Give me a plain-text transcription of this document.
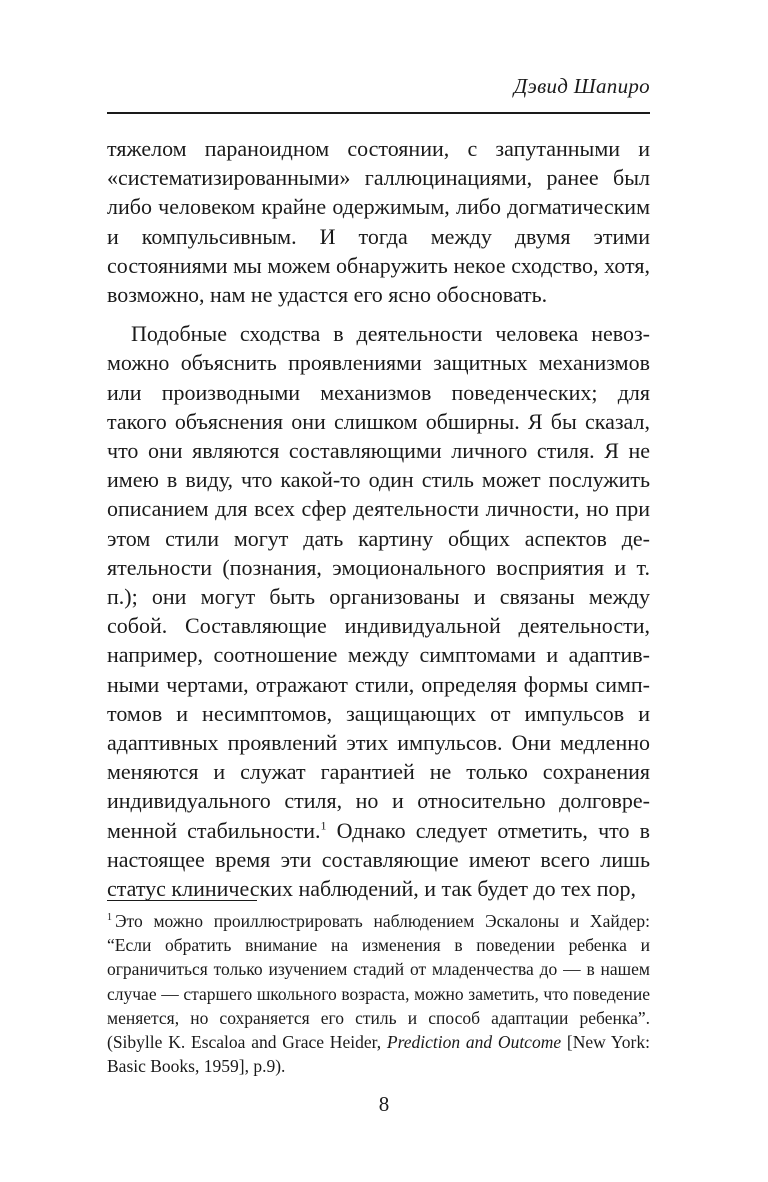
Дэвид Шапиро

тяжелом параноидном состоянии, с запутанными и «систематизированными» галлюцинациями, ранее был либо человеком крайне одержимым, либо догматическим и компульсивным. И тогда между двумя этими состояниями мы можем обнаружить некое сходство, хотя, возможно, нам не удастся его ясно обосновать.

Подобные сходства в деятельности человека невозможно объяснить проявлениями защитных механизмов или производными механизмов поведенческих; для такого объяснения они слишком обширны. Я бы сказал, что они являются составляющими личного стиля. Я не имею в виду, что какой-то один стиль может послужить описанием для всех сфер деятельности личности, но при этом стили могут дать картину общих аспектов деятельности (познания, эмоционального восприятия и т. п.); они могут быть организованы и связаны между собой. Составляющие индивидуальной деятельности, например, соотношение между симптомами и адаптивными чертами, отражают стили, определяя формы симптомов и несимптомов, защищающих от импульсов и адаптивных проявлений этих импульсов. Они медленно меняются и служат гарантией не только сохранения индивидуального стиля, но и относительно долговременной стабильности.$^1$ Однако следует отметить, что в настоящее время эти составляющие имеют всего лишь статус клинических наблюдений, и так будет до тех пор,

$^1$ Это можно проиллюстрировать наблюдением Эскалоны и Хайдер: “Если обратить внимание на изменения в поведении ребенка и ограничиться только изучением стадий от младенчества до — в нашем случае — старшего школьного возраста, можно заметить, что поведение меняется, но сохраняется его стиль и способ адаптации ребенка”. (Sibylle K. Escaloa and Grace Heider, Prediction and Outcome [New York: Basic Books, 1959], p.9).

8
